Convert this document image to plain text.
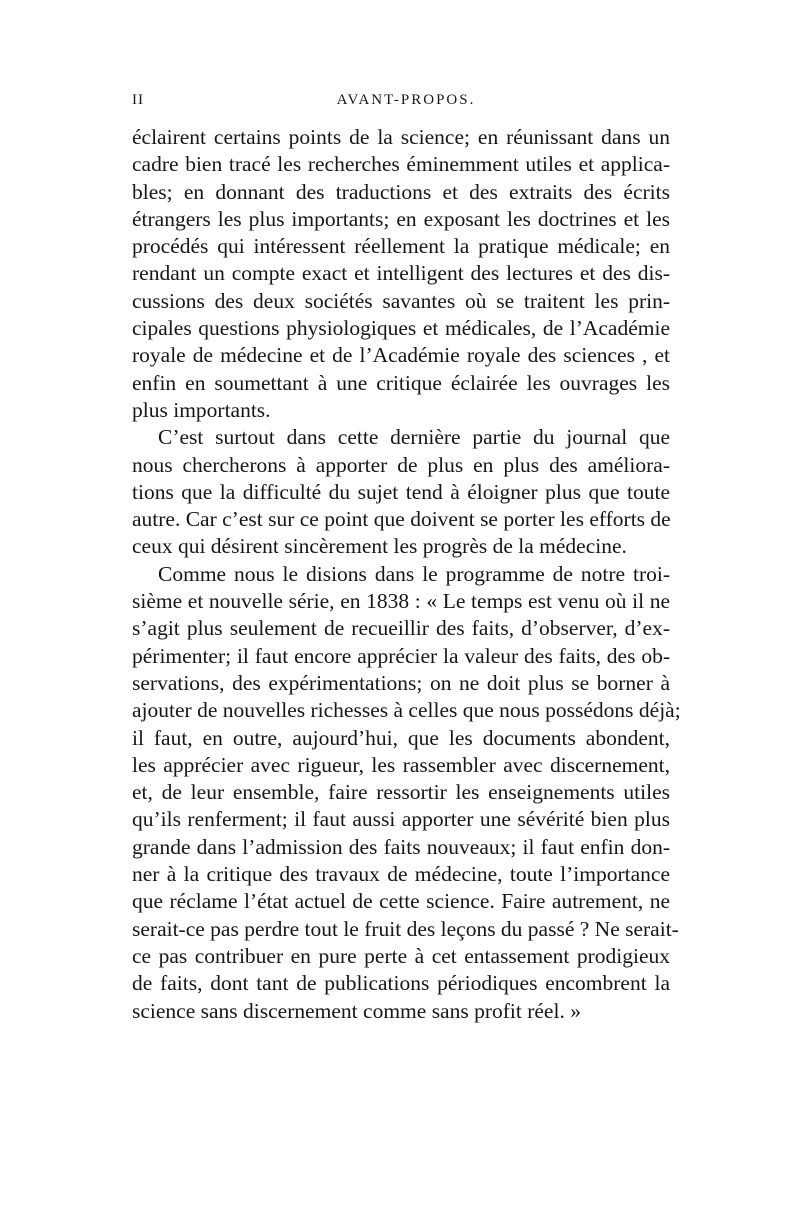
II	AVANT-PROPOS.
éclairent certains points de la science; en réunissant dans un
cadre bien tracé les recherches éminemment utiles et applica-
bles; en donnant des traductions et des extraits des écrits
étrangers les plus importants; en exposant les doctrines et les
procédés qui intéressent réellement la pratique médicale; en
rendant un compte exact et intelligent des lectures et des dis-
cussions des deux sociétés savantes où se traitent les prin-
cipales questions physiologiques et médicales, de l’Académie
royale de médecine et de l’Académie royale des sciences , et
enfin en soumettant à une critique éclairée les ouvrages les
plus importants.
C’est surtout dans cette dernière partie du journal que
nous chercherons à apporter de plus en plus des améliora-
tions que la difficulté du sujet tend à éloigner plus que toute
autre. Car c’est sur ce point que doivent se porter les efforts de
ceux qui désirent sincèrement les progrès de la médecine.
Comme nous le disions dans le programme de notre troi-
sième et nouvelle série, en 1838 : « Le temps est venu où il ne
s’agit plus seulement de recueillir des faits, d’observer, d’ex-
périmenter; il faut encore apprécier la valeur des faits, des ob-
servations, des expérimentations; on ne doit plus se borner à
ajouter de nouvelles richesses à celles que nous possédons déjà;
il faut, en outre, aujourd’hui, que les documents abondent,
les apprécier avec rigueur, les rassembler avec discernement,
et, de leur ensemble, faire ressortir les enseignements utiles
qu’ils renferment; il faut aussi apporter une sévérité bien plus
grande dans l’admission des faits nouveaux; il faut enfin don-
ner à la critique des travaux de médecine, toute l’importance
que réclame l’état actuel de cette science. Faire autrement, ne
serait-ce pas perdre tout le fruit des leçons du passé ? Ne serait-
ce pas contribuer en pure perte à cet entassement prodigieux
de faits, dont tant de publications périodiques encombrent la
science sans discernement comme sans profit réel. »
